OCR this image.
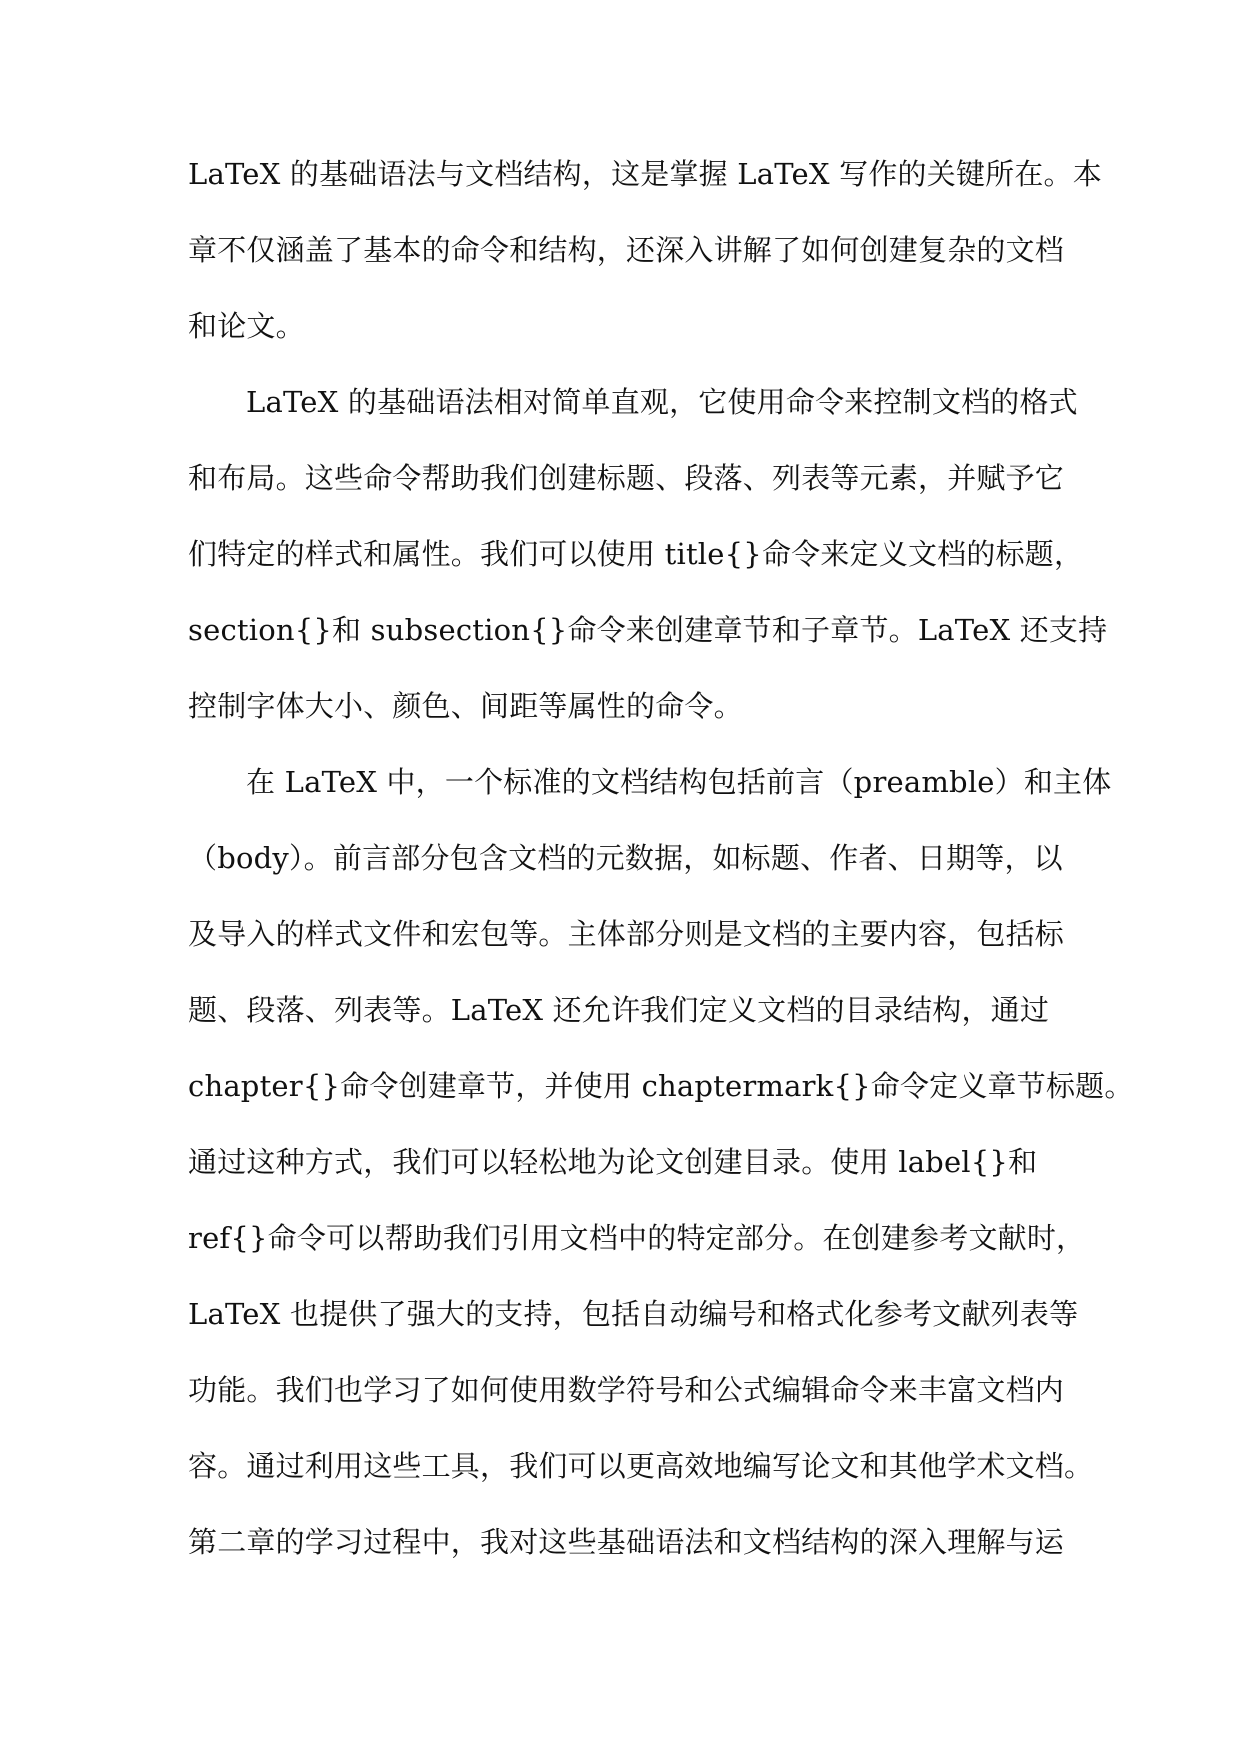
LaTeX 的基础语法与文档结构，这是掌握 LaTeX 写作的关键所在。本
章不仅涵盖了基本的命令和结构，还深入讲解了如何创建复杂的文档
和论文。
LaTeX 的基础语法相对简单直观，它使用命令来控制文档的格式
和布局。这些命令帮助我们创建标题、段落、列表等元素，并赋予它
们特定的样式和属性。我们可以使用 title{}命令来定义文档的标题，
section{}和 subsection{}命令来创建章节和子章节。LaTeX 还支持
控制字体大小、颜色、间距等属性的命令。
在 LaTeX 中，一个标准的文档结构包括前言（preamble）和主体
（body）。前言部分包含文档的元数据，如标题、作者、日期等，以
及导入的样式文件和宏包等。主体部分则是文档的主要内容，包括标
题、段落、列表等。LaTeX 还允许我们定义文档的目录结构，通过
chapter{}命令创建章节，并使用 chaptermark{}命令定义章节标题。
通过这种方式，我们可以轻松地为论文创建目录。使用 label{}和
ref{}命令可以帮助我们引用文档中的特定部分。在创建参考文献时，
LaTeX 也提供了强大的支持，包括自动编号和格式化参考文献列表等
功能。我们也学习了如何使用数学符号和公式编辑命令来丰富文档内
容。通过利用这些工具，我们可以更高效地编写论文和其他学术文档。
第二章的学习过程中，我对这些基础语法和文档结构的深入理解与运
